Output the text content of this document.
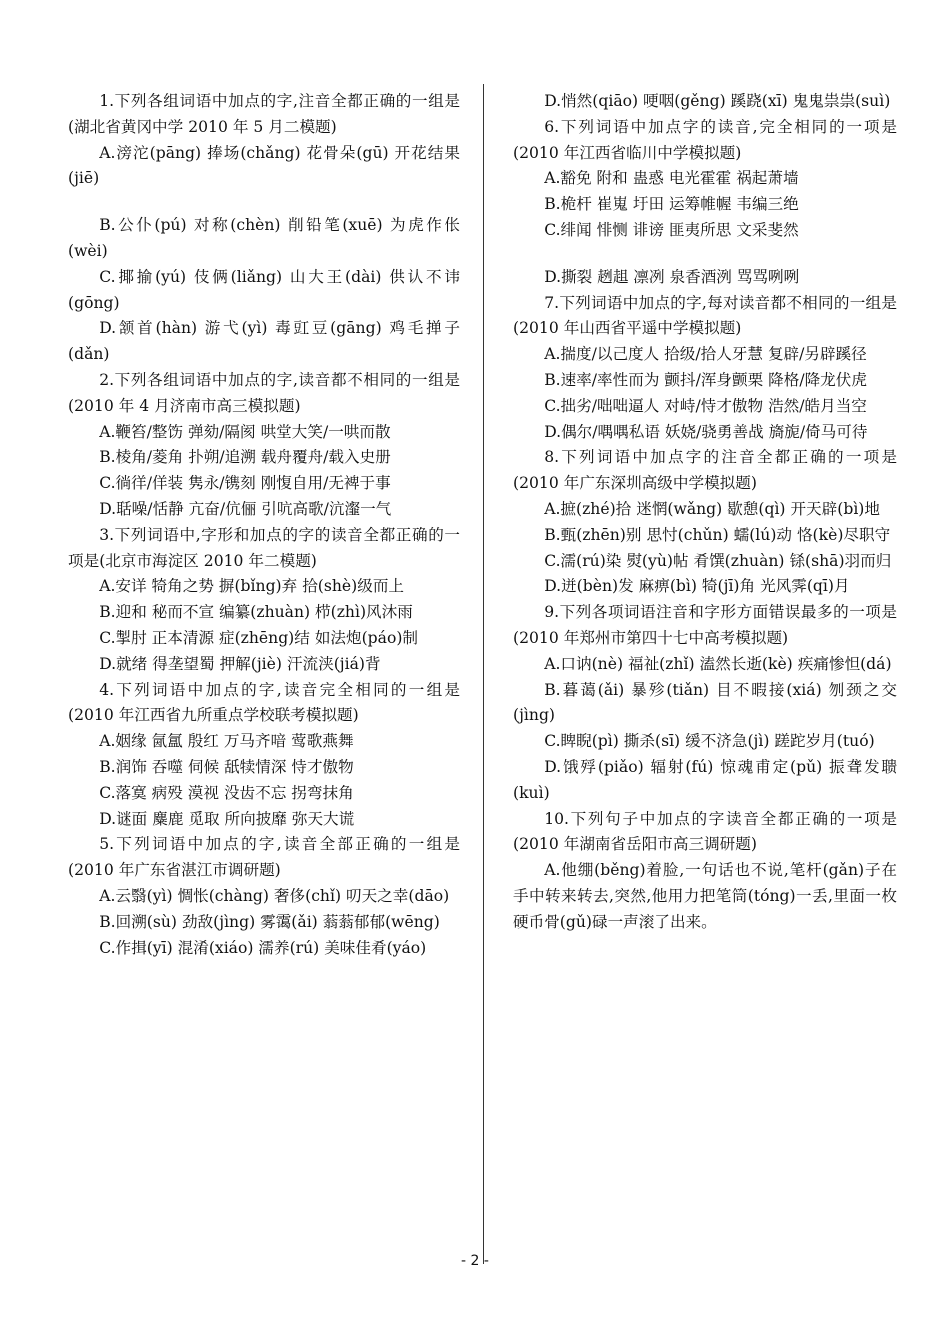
1.下列各组词语中加点的字,注音全都正确的一组是(湖北省黄冈中学 2010 年 5 月二模题)

A.滂沱(pāng) 捧场(chǎng) 花骨朵(gū) 开花结果(jiē)

B.公仆(pú) 对称(chèn) 削铅笔(xuē) 为虎作伥(wèi)

C.揶揄(yú) 伎俩(liǎng) 山大王(dài) 供认不讳(gōng)

D.颔首(hàn) 游弋(yì) 毒豇豆(gāng) 鸡毛掸子(dǎn)

2.下列各组词语中加点的字,读音都不相同的一组是(2010 年 4 月济南市高三模拟题)

A.鞭笞/整饬 弹劾/隔阂 哄堂大笑/一哄而散

B.棱角/菱角 扑朔/追溯 载舟覆舟/载入史册

C.徜徉/佯装 隽永/镌刻 刚愎自用/无裨于事

D.聒噪/恬静 亢奋/伉俪 引吭高歌/沆瀣一气

3.下列词语中,字形和加点的字的读音全都正确的一项是(北京市海淀区 2010 年二模题)

A.安详 犄角之势 摒(bǐng)弃 拾(shè)级而上

B.迎和 秘而不宣 编纂(zhuàn) 栉(zhì)风沐雨

C.掣肘 正本清源 症(zhēng)结 如法炮(páo)制

D.就绪 得垄望蜀 押解(jiè) 汗流浃(jiá)背

4.下列词语中加点的字,读音完全相同的一组是(2010 年江西省九所重点学校联考模拟题)

A.姻缘 氤氲 殷红 万马齐喑 莺歌燕舞

B.润饰 吞噬 伺候 舐犊情深 恃才傲物

C.落寞 病殁 漠视 没齿不忘 拐弯抹角

D.谜面 麋鹿 觅取 所向披靡 弥天大谎

5.下列词语中加点的字,读音全部正确的一组是(2010 年广东省湛江市调研题)

A.云翳(yì) 惆怅(chàng) 奢侈(chǐ) 叨天之幸(dāo)

B.回溯(sù) 劲敌(jìng) 雾霭(ǎi) 蓊蓊郁郁(wēng)

C.作揖(yī) 混淆(xiáo) 濡养(rú) 美味佳肴(yáo)

D.悄然(qiāo) 哽咽(gěng) 蹊跷(xī) 鬼鬼祟祟(suì)

6.下列词语中加点字的读音,完全相同的一项是(2010 年江西省临川中学模拟题)

A.豁免 附和 蛊惑 电光霍霍 祸起萧墙

B.桅杆 崔嵬 圩田 运筹帷幄 韦编三绝

C.绯闻 悱恻 诽谤 匪夷所思 文采斐然

D.撕裂 趔趄 凛冽 泉香酒洌 骂骂咧咧

7.下列词语中加点的字,每对读音都不相同的一组是(2010 年山西省平遥中学模拟题)

A.揣度/以己度人 拾级/拾人牙慧 复辟/另辟蹊径

B.速率/率性而为 颤抖/浑身颤栗 降格/降龙伏虎

C.拙劣/咄咄逼人 对峙/恃才傲物 浩然/皓月当空

D.偶尔/喁喁私语 妖娆/骁勇善战 旖旎/倚马可待

8.下列词语中加点字的注音全都正确的一项是(2010 年广东深圳高级中学模拟题)

A.摭(zhé)拾 迷惘(wǎng) 歇憩(qì) 开天辟(bì)地

B.甄(zhēn)别 思忖(chǔn) 蠕(lú)动 恪(kè)尽职守

C.濡(rú)染 熨(yù)帖 肴馔(zhuàn) 铩(shā)羽而归

D.迸(bèn)发 麻痹(bì) 犄(jī)角 光风霁(qī)月

9.下列各项词语注音和字形方面错误最多的一项是(2010 年郑州市第四十七中高考模拟题)

A.口讷(nè) 福祉(zhǐ) 溘然长逝(kè) 疾痛惨怛(dá)

B.暮蔼(ǎi) 暴殄(tiǎn) 目不暇接(xiá) 刎颈之交(jìng)

C.睥睨(pì) 撕杀(sī) 缓不济急(jì) 蹉跎岁月(tuó)

D.饿殍(piǎo) 辐射(fú) 惊魂甫定(pǔ) 振聋发聩(kuì)

10.下列句子中加点的字读音全都正确的一项是(2010 年湖南省岳阳市高三调研题)

A.他绷(běng)着脸,一句话也不说,笔杆(gǎn)子在手中转来转去,突然,他用力把笔筒(tóng)一丢,里面一枚硬币骨(gǔ)碌一声滚了出来。

- 2 -
